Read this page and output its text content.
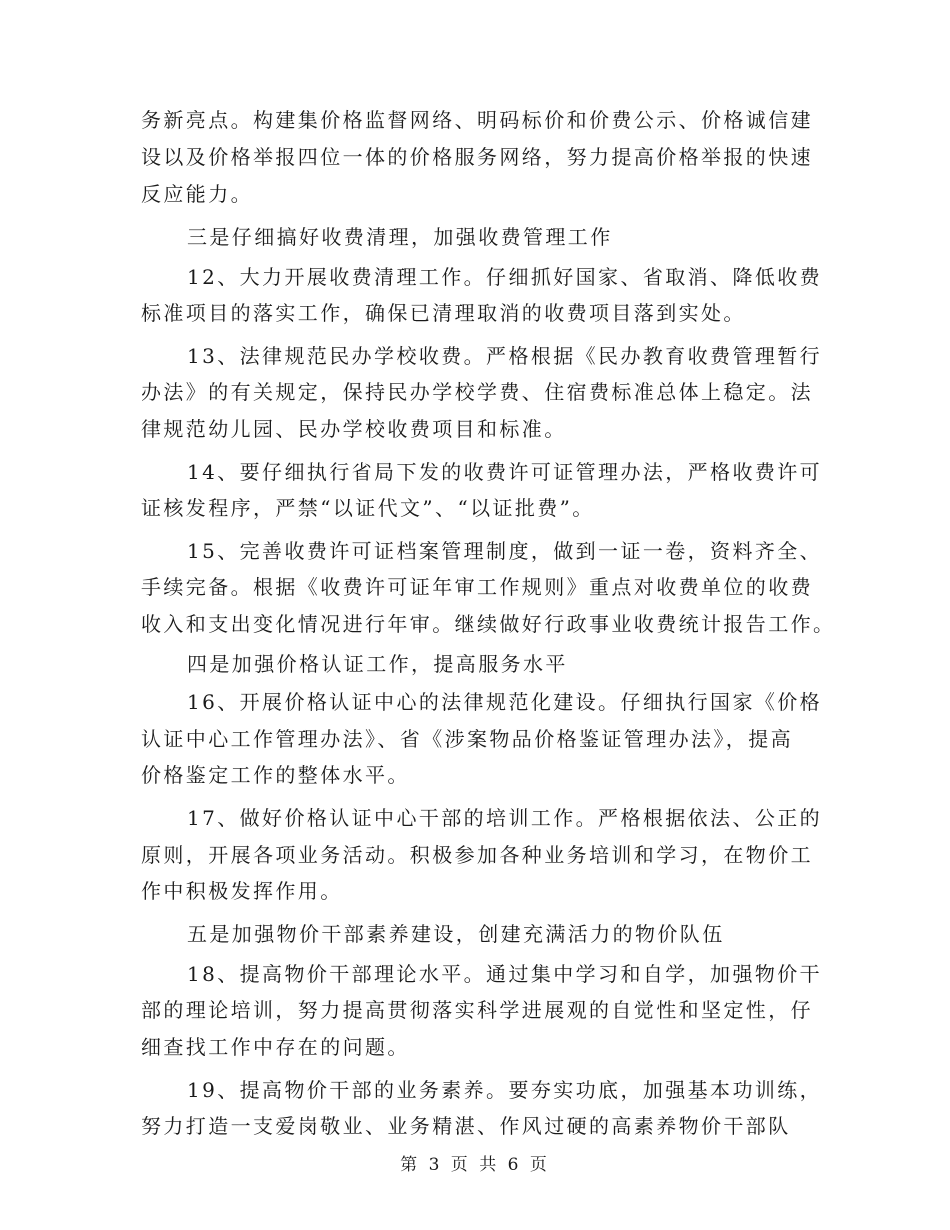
务新亮点。构建集价格监督网络、明码标价和价费公示、价格诚信建
设以及价格举报四位一体的价格服务网络，努力提高价格举报的快速
反应能力。
三是仔细搞好收费清理，加强收费管理工作
12、大力开展收费清理工作。仔细抓好国家、省取消、降低收费
标准项目的落实工作，确保已清理取消的收费项目落到实处。
13、法律规范民办学校收费。严格根据《民办教育收费管理暂行
办法》的有关规定，保持民办学校学费、住宿费标准总体上稳定。法
律规范幼儿园、民办学校收费项目和标准。
14、要仔细执行省局下发的收费许可证管理办法，严格收费许可
证核发程序，严禁“以证代文”、“以证批费”。
15、完善收费许可证档案管理制度，做到一证一卷，资料齐全、
手续完备。根据《收费许可证年审工作规则》重点对收费单位的收费
收入和支出变化情况进行年审。继续做好行政事业收费统计报告工作。
四是加强价格认证工作，提高服务水平
16、开展价格认证中心的法律规范化建设。仔细执行国家《价格
认证中心工作管理办法》、省《涉案物品价格鉴证管理办法》，提高
价格鉴定工作的整体水平。
17、做好价格认证中心干部的培训工作。严格根据依法、公正的
原则，开展各项业务活动。积极参加各种业务培训和学习，在物价工
作中积极发挥作用。
五是加强物价干部素养建设，创建充满活力的物价队伍
18、提高物价干部理论水平。通过集中学习和自学，加强物价干
部的理论培训，努力提高贯彻落实科学进展观的自觉性和坚定性，仔
细查找工作中存在的问题。
19、提高物价干部的业务素养。要夯实功底，加强基本功训练，
努力打造一支爱岗敬业、业务精湛、作风过硬的高素养物价干部队
第 3 页 共 6 页
